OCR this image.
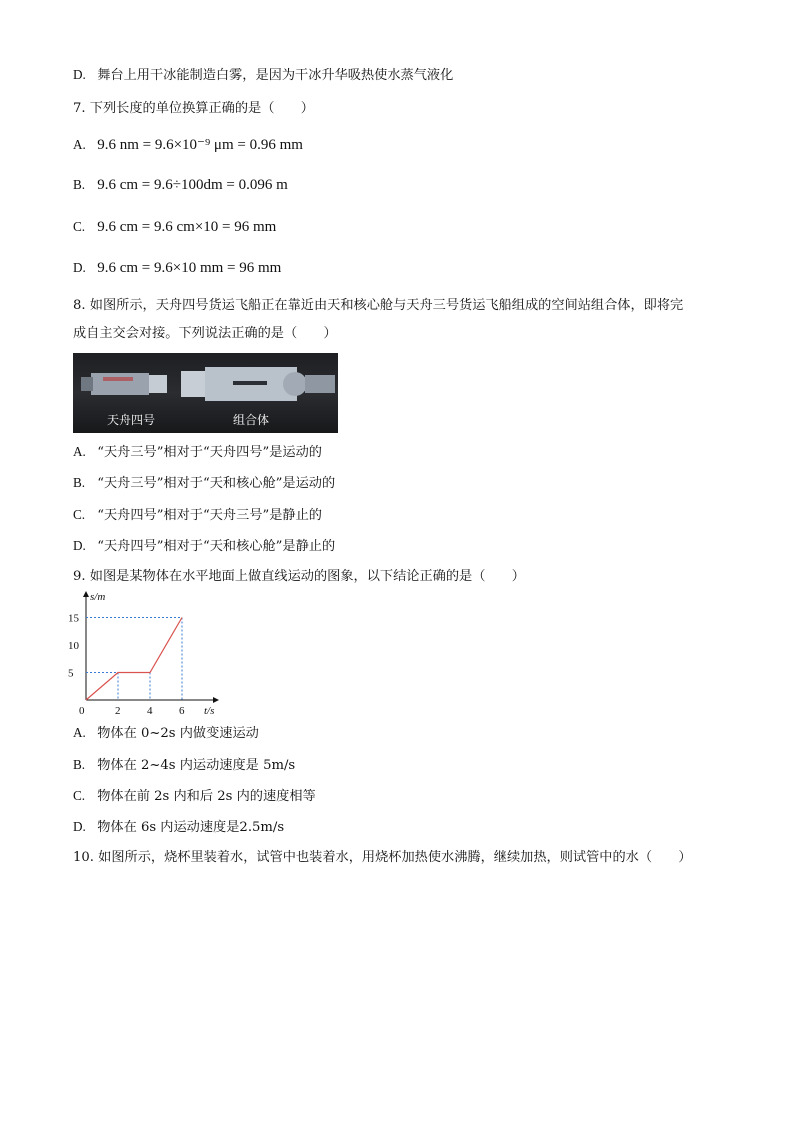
D. 舞台上用干冰能制造白雾，是因为干冰升华吸热使水蒸气液化
7. 下列长度的单位换算正确的是（　　）
A. 9.6 nm = 9.6×10⁻⁹ μm = 0.96 mm
B. 9.6 cm = 9.6÷100dm = 0.096 m
C. 9.6 cm = 9.6 cm×10 = 96 mm
D. 9.6 cm = 9.6×10 mm = 96 mm
8. 如图所示，天舟四号货运飞船正在靠近由天和核心舱与天舟三号货运飞船组成的空间站组合体，即将完
成自主交会对接。下列说法正确的是（　　）
天舟四号	组合体
A. “天舟三号”相对于“天舟四号”是运动的
B. “天舟三号”相对于“天和核心舱”是运动的
C. “天舟四号”相对于“天舟三号”是静止的
D. “天舟四号”相对于“天和核心舱”是静止的
9. 如图是某物体在水平地面上做直线运动的图象，以下结论正确的是（　　）
s/m
t/s
0	2 4 6
5
10
15
A. 物体在 0~2s 内做变速运动
B. 物体在 2~4s 内运动速度是 5m/s
C. 物体在前 2s 内和后 2s 内的速度相等
D. 物体在 6s 内运动速度是2.5m/s
10. 如图所示，烧杯里装着水，试管中也装着水，用烧杯加热使水沸腾，继续加热，则试管中的水（　　）
